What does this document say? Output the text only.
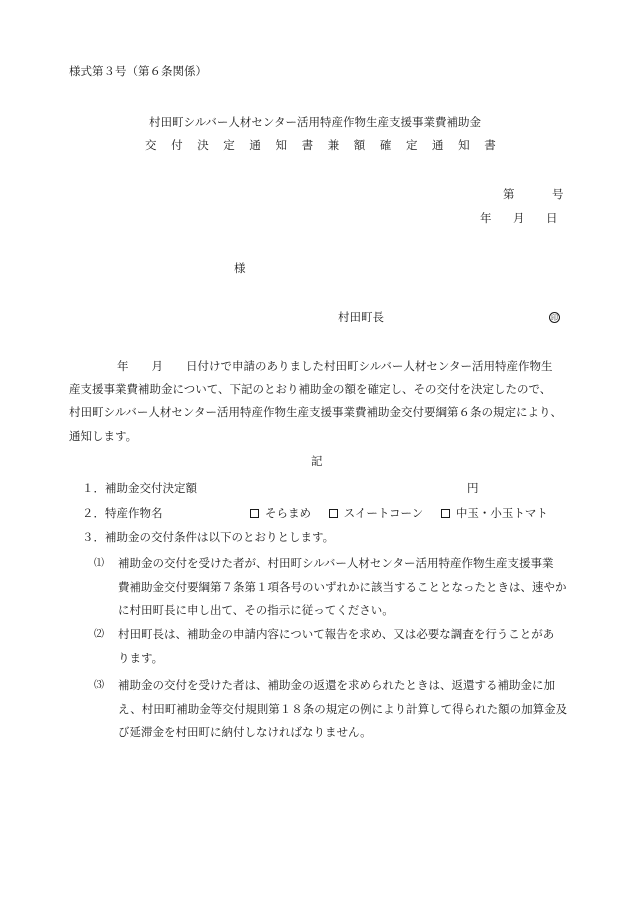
様式第３号（第６条関係）
村田町シルバー人材センター活用特産作物生産支援事業費補助金
交 付 決 定 通 知 書 兼 額 確 定 通 知 書
第	号
年 月 日
様
村田町長	印

年　　月　　日付けで申請のありました村田町シルバー人材センター活用特産作物生

産支援事業費補助金について、下記のとおり補助金の額を確定し、その交付を決定したので、

村田町シルバー人材センター活用特産作物生産支援事業費補助金交付要綱第６条の規定により、

通知します。

記
１．補助金交付決定額	円
２．特産作物名	そらまめ	スイートコーン	中玉・小玉トマト
３．補助金の交付条件は以下のとおりとします。
⑴ 補助金の交付を受けた者が、村田町シルバー人材センター活用特産作物生産支援事業

費補助金交付要綱第７条第１項各号のいずれかに該当することとなったときは、速やか

に村田町長に申し出て、その指示に従ってください。

⑵ 村田町長は、補助金の申請内容について報告を求め、又は必要な調査を行うことがあ

ります。

⑶ 補助金の交付を受けた者は、補助金の返還を求められたときは、返還する補助金に加

え、村田町補助金等交付規則第１８条の規定の例により計算して得られた額の加算金及

び延滞金を村田町に納付しなければなりません。
